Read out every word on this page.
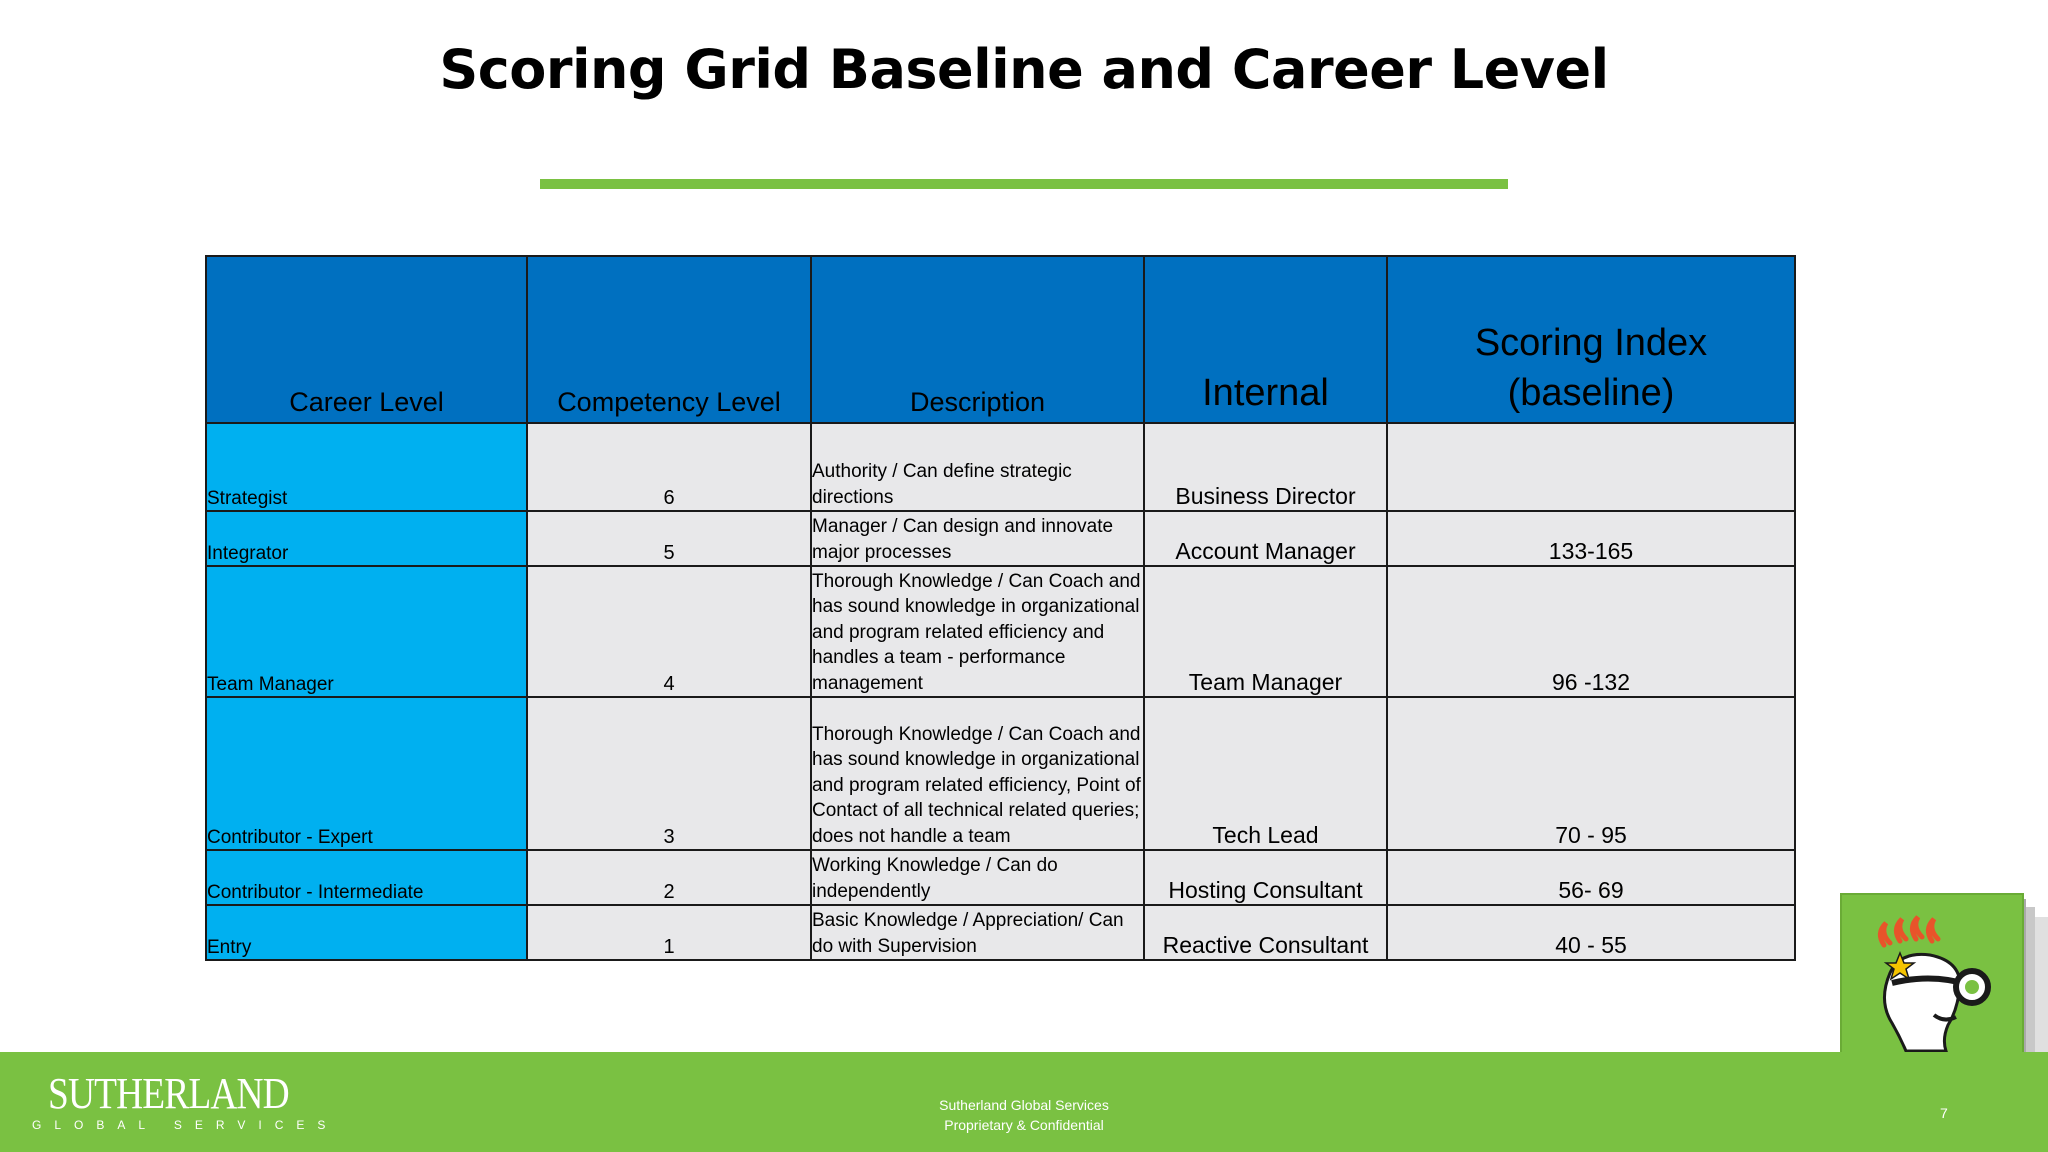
Scoring Grid Baseline and Career Level
Career Level	Competency Level	Description	Internal	Scoring Index
(baseline)

Strategist	6	Authority / Can define strategic directions	Business Director	
Integrator	5	Manager / Can design and innovate major processes	Account Manager	133-165
Team Manager	4	Thorough Knowledge / Can Coach and has sound knowledge in organizational and program related efficiency and handles a team - performance management	Team Manager	96 -132
Contributor - Expert	3	Thorough Knowledge / Can Coach and has sound knowledge in organizational and program related efficiency, Point of Contact of all technical related queries; does not handle a team	Tech Lead	70 - 95
Contributor - Intermediate	2	Working Knowledge / Can do independently	Hosting Consultant	56- 69
Entry	1	Basic Knowledge / Appreciation/ Can do with Supervision	Reactive Consultant	40 - 55
SUTHERLAND
GLOBAL SERVICES
Sutherland Global Services
Proprietary & Confidential
7
